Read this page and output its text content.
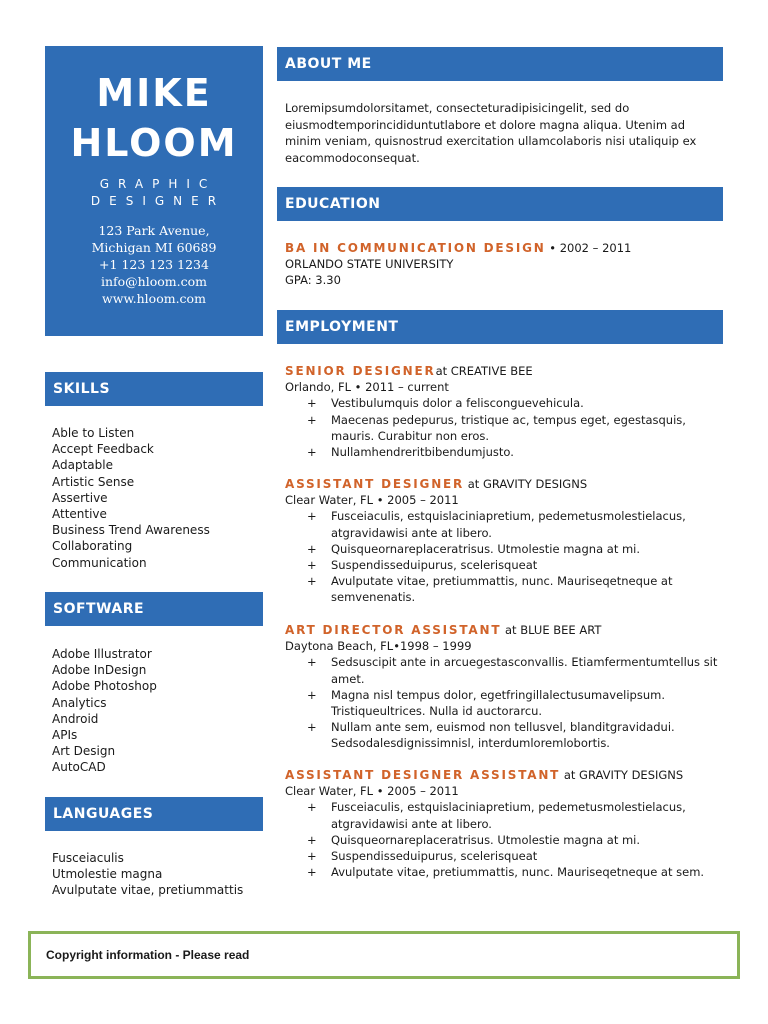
MIKE
HLOOM
GRAPHIC
DESIGNER
123 Park Avenue,
Michigan MI 60689
+1 123 123 1234
info@hloom.com
www.hloom.com
SKILLS
Able to Listen
Accept Feedback
Adaptable
Artistic Sense
Assertive
Attentive
Business Trend Awareness
Collaborating
Communication
SOFTWARE
Adobe Illustrator
Adobe InDesign
Adobe Photoshop
Analytics
Android
APIs
Art Design
AutoCAD
LANGUAGES
Fusceiaculis
Utmolestie magna
Avulputate vitae, pretiummattis
ABOUT ME

Loremipsumdolorsitamet, consecteturadipisicingelit, sed do eiusmodtemporincididuntutlabore et dolore magna aliqua. Utenim ad minim veniam, quisnostrud exercitation ullamcolaboris nisi utaliquip ex eacommodoconsequat.

EDUCATION
BA IN COMMUNICATION DESIGN • 2002 – 2011
ORLANDO STATE UNIVERSITY
GPA: 3.30
EMPLOYMENT
SENIOR DESIGNERat CREATIVE BEE
Orlando, FL • 2011 – current
+ Vestibulumquis dolor a felisconguevehicula.
+ Maecenas pedepurus, tristique ac, tempus eget, egestasquis, mauris. Curabitur non eros.
+ Nullamhendreritbibendumjusto.
ASSISTANT DESIGNER at GRAVITY DESIGNS
Clear Water, FL • 2005 – 2011
+ Fusceiaculis, estquislaciniapretium, pedemetusmolestielacus, atgravidawisi ante at libero.
+ Quisqueornareplaceratrisus. Utmolestie magna at mi.
+ Suspendisseduipurus, scelerisqueat
+ Avulputate vitae, pretiummattis, nunc. Mauriseqetneque at semvenenatis.
ART DIRECTOR ASSISTANT at BLUE BEE ART
Daytona Beach, FL•1998 – 1999
+ Sedsuscipit ante in arcuegestasconvallis. Etiamfermentumtellus sit amet.
+ Magna nisl tempus dolor, egetfringillalectusumavelipsum. Tristiqueultrices. Nulla id auctorarcu.
+ Nullam ante sem, euismod non tellusvel, blanditgravidadui. Sedsodalesdignissimnisl, interdumloremlobortis.
ASSISTANT DESIGNER ASSISTANT at GRAVITY DESIGNS
Clear Water, FL • 2005 – 2011
+ Fusceiaculis, estquislaciniapretium, pedemetusmolestielacus, atgravidawisi ante at libero.
+ Quisqueornareplaceratrisus. Utmolestie magna at mi.
+ Suspendisseduipurus, scelerisqueat
+ Avulputate vitae, pretiummattis, nunc. Mauriseqetneque at sem.
Copyright information - Please read
